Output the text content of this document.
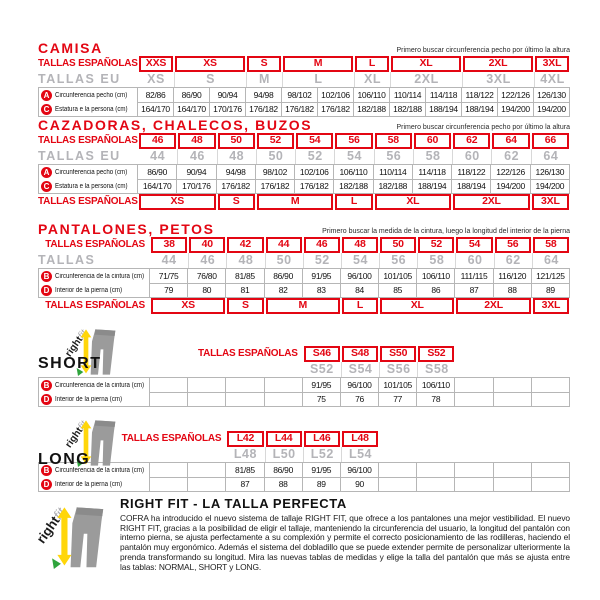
CAMISA	Primero buscar circunferencia pecho por último la altura
TALLAS ESPAÑOLAS XXS	XS	S	M	L	XL	2XL	3XL
TALLAS EU	XS	S	M	L	XL	2XL	3XL	4XL
A Circunferencia pecho (cm)	82/86	86/90	90/94	94/98	98/102	102/106 106/110 110/114	114/118 118/122 122/126 126/130
C Estatura e la persona (cm)	164/170 164/170 170/176 176/182 176/182 176/182 182/188 182/188 188/194 188/194 194/200 194/200
CAZADORAS, CHALECOS, BUZOS	Primero buscar circunferencia pecho por último la altura
TALLAS ESPAÑOLAS	46	48	50	52	54	56	58	60	62	64	66
TALLAS EU	44	46	48	50	52	54	56	58	60	62	64
A Circunferencia pecho (cm)	86/90	90/94	94/98	98/102	102/106	106/110	110/114	114/118	118/122	122/126	126/130
C Estatura e la persona (cm)	164/170	170/176	176/182	176/182	176/182	182/188	182/188	188/194	188/194	194/200	194/200
TALLAS ESPAÑOLAS	XS	S	M	L	XL	2XL	3XL
PANTALONES, PETOS	Primero buscar la medida de la cintura, luego la longitud del interior de la pierna
TALLAS ESPAÑOLAS	38	40	42	44	46	48	50	52	54	56	58
TALLAS	44	46	48	50	52	54	56	58	60	62	64
B Circunferencia de la cintura (cm)	71/75	76/80	81/85	86/90	91/95	96/100	101/105	106/110	111/115	116/120	121/125
D Interior de la pierna (cm)	79	80	81	82	83	84	85	86	87	88	89
TALLAS ESPAÑOLAS	XS	S	M	L	XL	2XL	3XL
SHORT
TALLAS ESPAÑOLAS	S46	S48	S50	S52
S52	S54	S56	S58
B Circunferencia de la cintura (cm)	91/95	96/100	101/105	106/110
D Interior de la pierna (cm)	75	76	77	78
LONG
TALLAS ESPAÑOLAS	L42	L44	L46	L48
L48	L50	L52	L54
B Circunferencia de la cintura (cm)	81/85	86/90	91/95	96/100
D Interior de la pierna (cm)	87	88	89	90
RIGHT FIT - LA TALLA PERFECTA

COFRA ha introducido el nuevo sistema de tallaje RIGHT FIT, que ofrece a los pantalones una mejor vestibilidad. El nuevo RIGHT FIT, gracias a la posibilidad de eligir el tallaje, manteniendo la circunferencia del usuario, la longitud del pantalón con interno pierna, se ajusta perfectamente a su complexión y permite el correcto posicionamiento de las rodilleras, haciendo el pantalón muy ergonómico. Además el sistema del dobladillo que se puede extender permite de personalizar ulteriormente la prenda transformando su longitud. Mira las nuevas tablas de medidas y elige la talla del pantalón que más se ajusta entre las tablas: NORMAL, SHORT y LONG.
